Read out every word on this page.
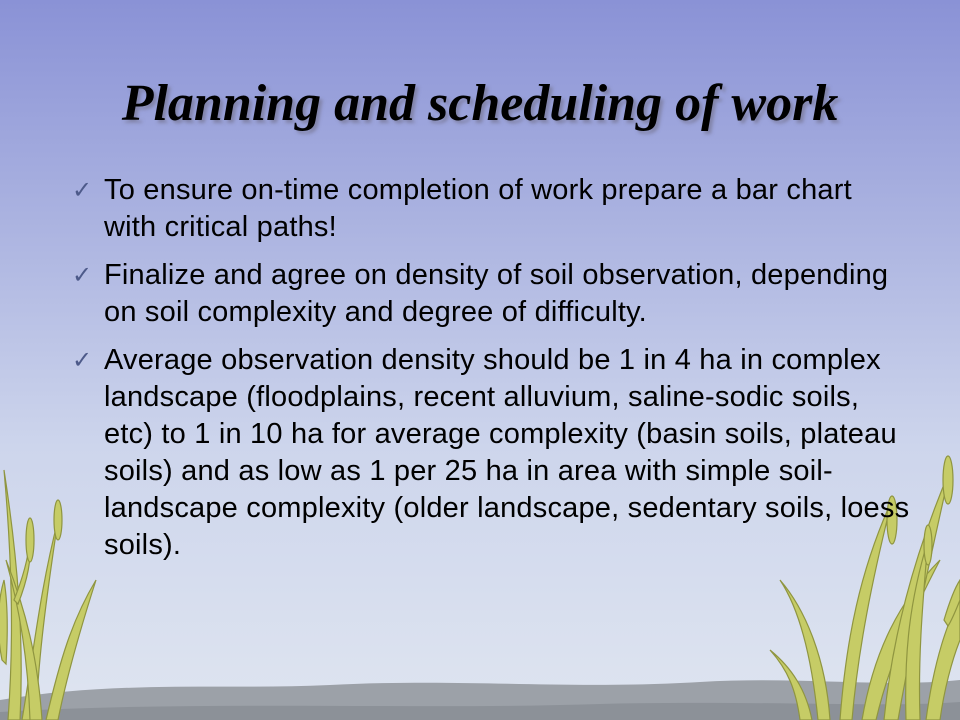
Planning and scheduling of work
✓ To ensure on-time completion of work prepare a bar chart with critical paths!
✓ Finalize and agree on density of soil observation, depending on soil complexity and degree of difficulty.
✓ Average observation density should be 1 in 4 ha in complex landscape (floodplains, recent alluvium, saline-sodic soils, etc) to 1 in 10 ha for average complexity (basin soils, plateau soils) and as low as 1 per 25 ha in area with simple soil-landscape complexity (older landscape, sedentary soils, loess soils).
